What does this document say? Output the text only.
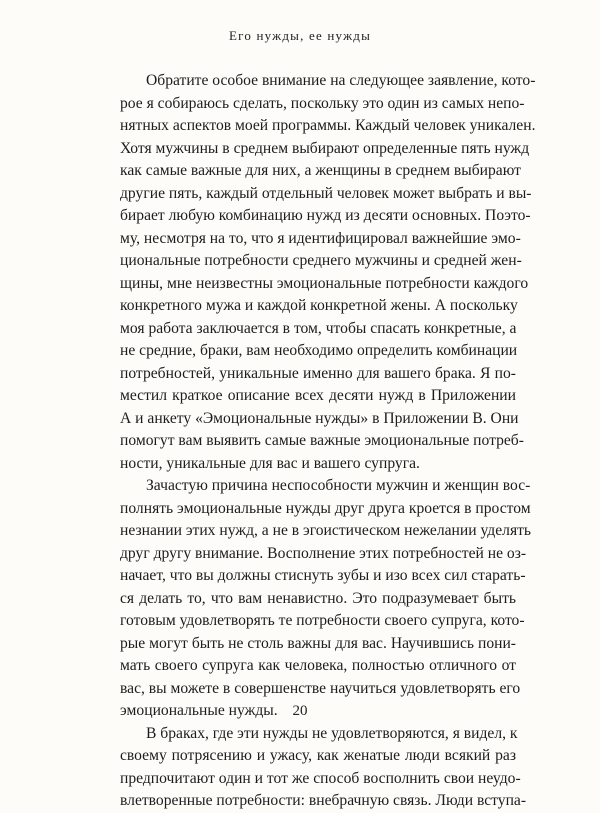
Его нужды, ее нужды
Обратите особое внимание на следующее заявление, кото-
рое я собираюсь сделать, поскольку это один из самых непо-
нятных аспектов моей программы. Каждый человек уникален.
Хотя мужчины в среднем выбирают определенные пять нужд
как самые важные для них, а женщины в среднем выбирают
другие пять, каждый отдельный человек может выбрать и вы-
бирает любую комбинацию нужд из десяти основных. Поэто-
му, несмотря на то, что я идентифицировал важнейшие эмо-
циональные потребности среднего мужчины и средней жен-
щины, мне неизвестны эмоциональные потребности каждого
конкретного мужа и каждой конкретной жены. А поскольку
моя работа заключается в том, чтобы спасать конкретные, а
не средние, браки, вам необходимо определить комбинации
потребностей, уникальные именно для вашего брака. Я по-
местил краткое описание всех десяти нужд в Приложении
А и анкету «Эмоциональные нужды» в Приложении В. Они
помогут вам выявить самые важные эмоциональные потреб-
ности, уникальные для вас и вашего супруга.
Зачастую причина неспособности мужчин и женщин вос-
полнять эмоциональные нужды друг друга кроется в простом
незнании этих нужд, а не в эгоистическом нежелании уделять
друг другу внимание. Восполнение этих потребностей не оз-
начает, что вы должны стиснуть зубы и изо всех сил старать-
ся делать то, что вам ненавистно. Это подразумевает быть
готовым удовлетворять те потребности своего супруга, кото-
рые могут быть не столь важны для вас. Научившись пони-
мать своего супруга как человека, полностью отличного от
вас, вы можете в совершенстве научиться удовлетворять его
эмоциональные нужды.
В браках, где эти нужды не удовлетворяются, я видел, к
своему потрясению и ужасу, как женатые люди всякий раз
предпочитают один и тот же способ восполнить свои неудо-
влетворенные потребности: внебрачную связь. Люди вступа-
20
